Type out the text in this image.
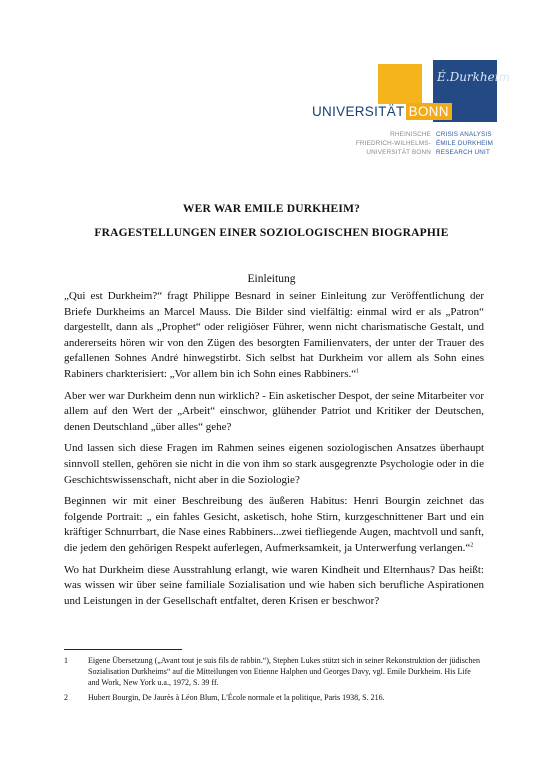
É.Durkheim
UNIVERSITÄT BONN
RHEINISCHE
FRIEDRICH-WILHELMS-
UNIVERSITÄT BONN
CRISIS ANALYSIS
ÉMILE DURKHEIM
RESEARCH UNIT
WER WAR EMILE DURKHEIM?
FRAGESTELLUNGEN EINER SOZIOLOGISCHEN BIOGRAPHIE
Einleitung

„Qui est Durkheim?“ fragt Philippe Besnard in seiner Einleitung zur Veröffentlichung der Briefe Durkheims an Marcel Mauss. Die Bilder sind vielfältig: einmal wird er als „Patron“ dargestellt, dann als „Prophet“ oder religiöser Führer, wenn nicht charismatische Gestalt, und andererseits hören wir von den Zügen des besorgten Familienvaters, der unter der Trauer des gefallenen Sohnes André hinwegstirbt. Sich selbst hat Durkheim vor allem als Sohn eines Rabiners charkterisiert: „Vor allem bin ich Sohn eines Rabbiners.“$^1$

Aber wer war Durkheim denn nun wirklich? - Ein asketischer Despot, der seine Mitarbeiter vor allem auf den Wert der „Arbeit“ einschwor, glühender Patriot und Kritiker der Deutschen, denen Deutschland „über alles“ gehe?

Und lassen sich diese Fragen im Rahmen seines eigenen soziologischen Ansatzes überhaupt sinnvoll stellen, gehören sie nicht in die von ihm so stark ausgegrenzte Psychologie oder in die Geschichtswissenschaft, nicht aber in die Soziologie?

Beginnen wir mit einer Beschreibung des äußeren Habitus: Henri Bourgin zeichnet das folgende Portrait: „ ein fahles Gesicht, asketisch, hohe Stirn, kurzgeschnittener Bart und ein kräftiger Schnurrbart, die Nase eines Rabbiners...zwei tiefliegende Augen, machtvoll und sanft, die jedem den gehörigen Respekt auferlegen, Aufmerksamkeit, ja Unterwerfung verlangen.“$^2$

Wo hat Durkheim diese Ausstrahlung erlangt, wie waren Kindheit und Elternhaus? Das heißt: was wissen wir über seine familiale Sozialisation und wie haben sich berufliche Aspirationen und Leistungen in der Gesellschaft entfaltet, deren Krisen er beschwor?

1	Eigene Übersetzung („Avant tout je suis fils de rabbin.“), Stephen Lukes stützt sich in seiner Rekonstruktion der jüdischen Sozialisation Durkheims“ auf die Mitteilungen von Etienne Halphen und Georges Davy, vgl. Emile Durkheim. His Life and Work, New York u.a., 1972, S. 39 ff.
2	Hubert Bourgin, De Jaurès à Léon Blum, L'École normale et la politique, Paris 1938, S. 216.
